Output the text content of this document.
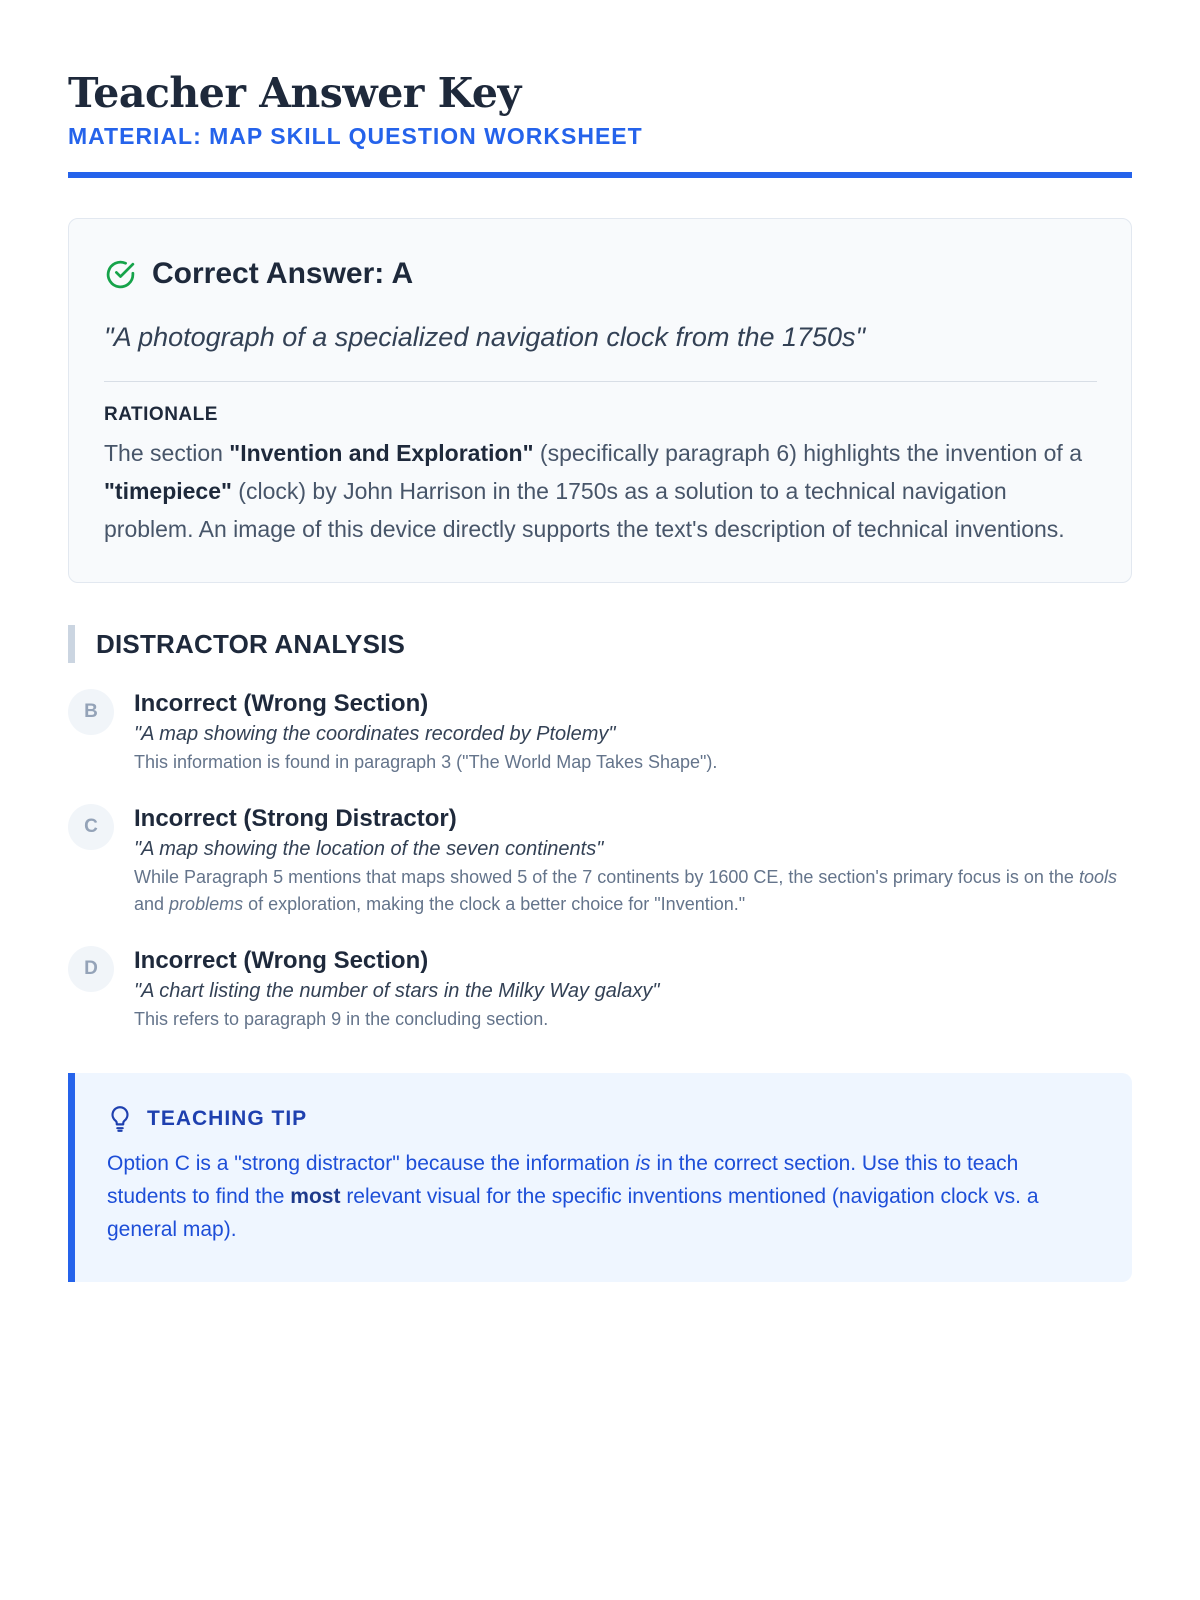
Teacher Answer Key
MATERIAL: MAP SKILL QUESTION WORKSHEET
Correct Answer: A
"A photograph of a specialized navigation clock from the 1750s"
RATIONALE

The section "Invention and Exploration" (specifically paragraph 6) highlights the invention of a "timepiece" (clock) by John Harrison in the 1750s as a solution to a technical navigation problem. An image of this device directly supports the text's description of technical inventions.

DISTRACTOR ANALYSIS
B	Incorrect (Wrong Section)
"A map showing the coordinates recorded by Ptolemy"
This information is found in paragraph 3 ("The World Map Takes Shape").
C	Incorrect (Strong Distractor)
"A map showing the location of the seven continents"
While Paragraph 5 mentions that maps showed 5 of the 7 continents by 1600 CE, the section's primary focus is on the tools and problems of exploration, making the clock a better choice for "Invention."
D	Incorrect (Wrong Section)
"A chart listing the number of stars in the Milky Way galaxy"
This refers to paragraph 9 in the concluding section.
TEACHING TIP

Option C is a "strong distractor" because the information is in the correct section. Use this to teach students to find the most relevant visual for the specific inventions mentioned (navigation clock vs. a general map).
